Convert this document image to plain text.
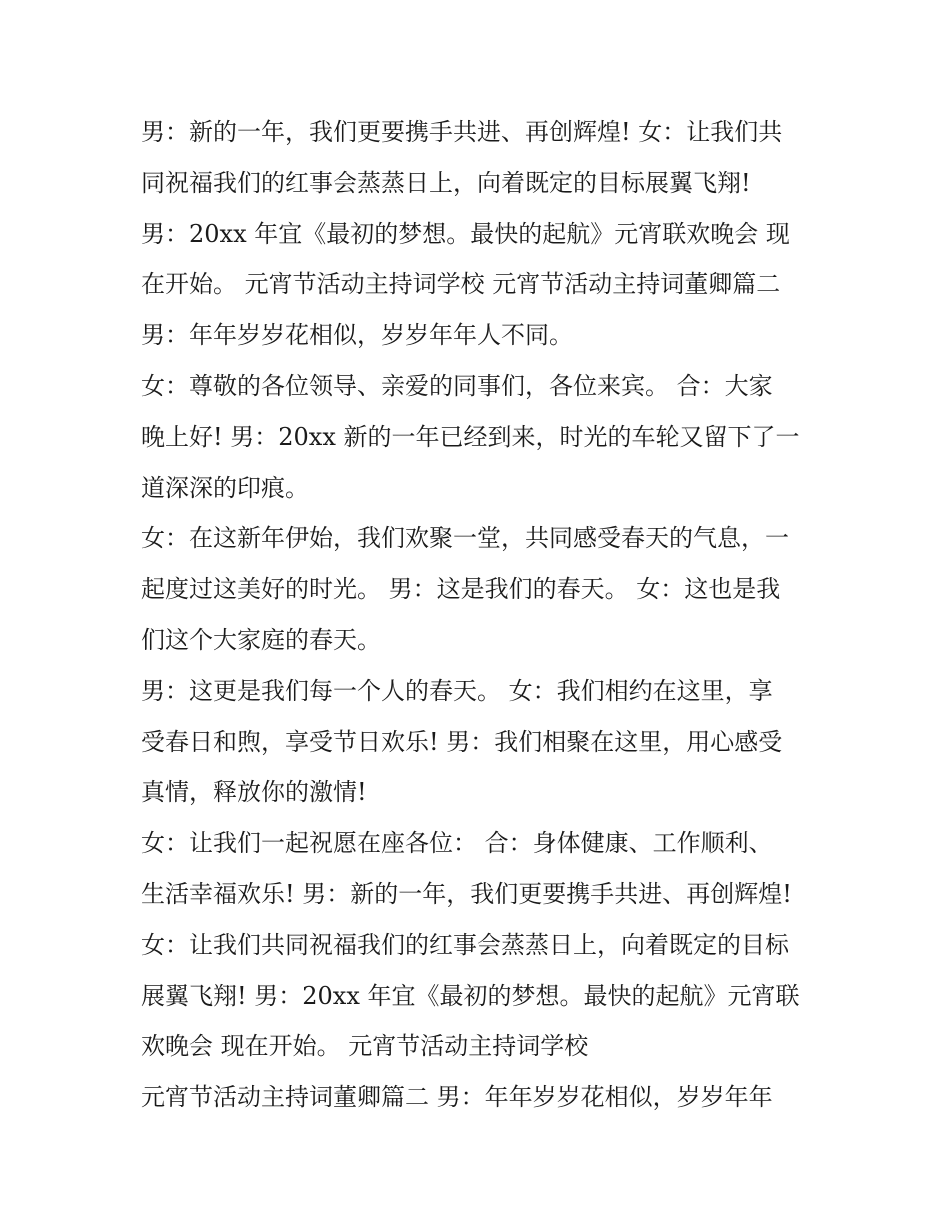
男：新的一年，我们更要携手共进、再创辉煌! 女：让我们共
同祝福我们的红事会蒸蒸日上，向着既定的目标展翼飞翔!
男：20xx 年宜《最初的梦想。最快的起航》元宵联欢晚会 现
在开始。 元宵节活动主持词学校 元宵节活动主持词董卿篇二
男：年年岁岁花相似，岁岁年年人不同。
女：尊敬的各位领导、亲爱的同事们，各位来宾。 合：大家
晚上好! 男：20xx 新的一年已经到来，时光的车轮又留下了一
道深深的印痕。
女：在这新年伊始，我们欢聚一堂，共同感受春天的气息，一
起度过这美好的时光。 男：这是我们的春天。 女：这也是我
们这个大家庭的春天。
男：这更是我们每一个人的春天。 女：我们相约在这里，享
受春日和煦，享受节日欢乐! 男：我们相聚在这里，用心感受
真情，释放你的激情!
女：让我们一起祝愿在座各位： 合：身体健康、工作顺利、
生活幸福欢乐! 男：新的一年，我们更要携手共进、再创辉煌!
女：让我们共同祝福我们的红事会蒸蒸日上，向着既定的目标
展翼飞翔! 男：20xx 年宜《最初的梦想。最快的起航》元宵联
欢晚会 现在开始。 元宵节活动主持词学校
元宵节活动主持词董卿篇二 男：年年岁岁花相似，岁岁年年
